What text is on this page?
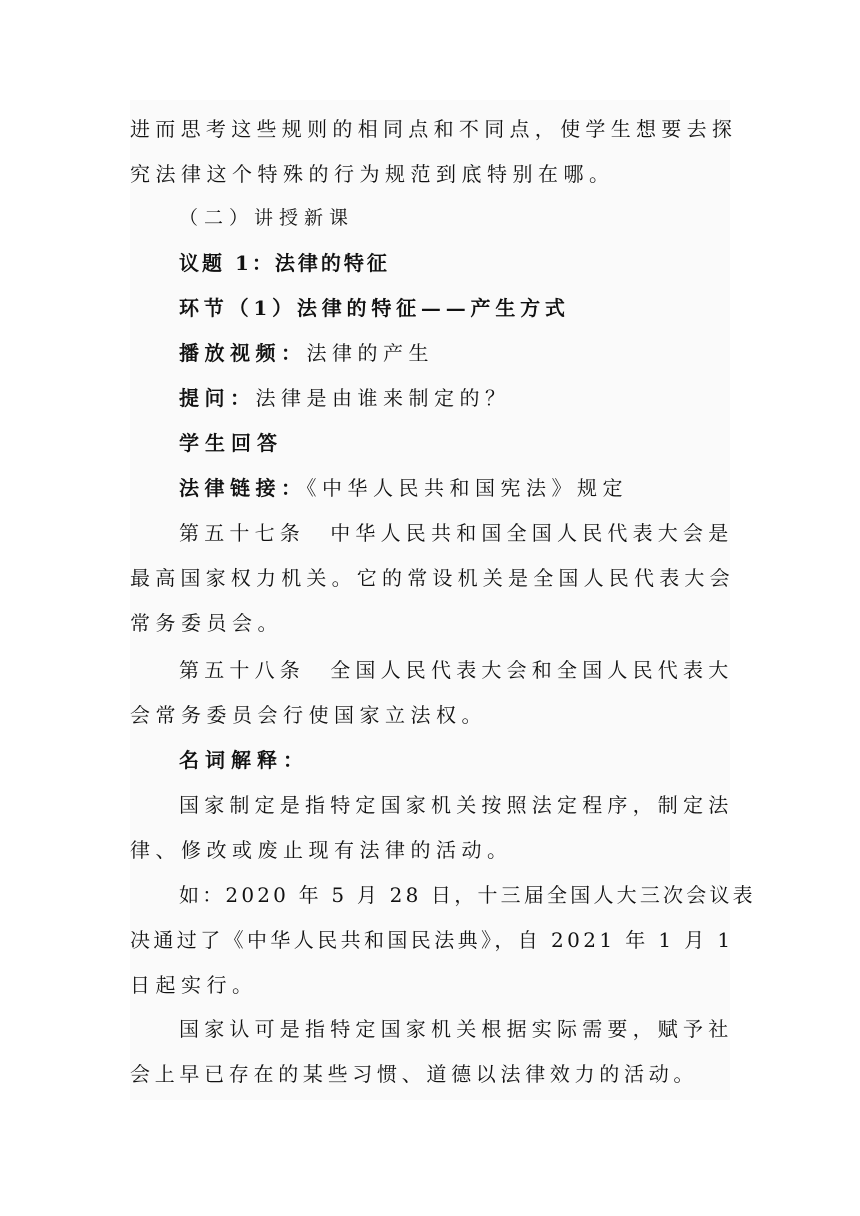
进而思考这些规则的相同点和不同点，使学生想要去探
究法律这个特殊的行为规范到底特别在哪。
（二）讲授新课
议题 1：法律的特征
环节（1）法律的特征——产生方式
播放视频：法律的产生
提问：法律是由谁来制定的？
学生回答
法律链接：《中华人民共和国宪法》规定
第五十七条　中华人民共和国全国人民代表大会是
最高国家权力机关。它的常设机关是全国人民代表大会
常务委员会。
第五十八条　全国人民代表大会和全国人民代表大
会常务委员会行使国家立法权。
名词解释：
国家制定是指特定国家机关按照法定程序，制定法
律、修改或废止现有法律的活动。
如：2020 年 5 月 28 日，十三届全国人大三次会议表
决通过了《中华人民共和国民法典》，自 2021 年 1 月 1
日起实行。
国家认可是指特定国家机关根据实际需要，赋予社
会上早已存在的某些习惯、道德以法律效力的活动。
